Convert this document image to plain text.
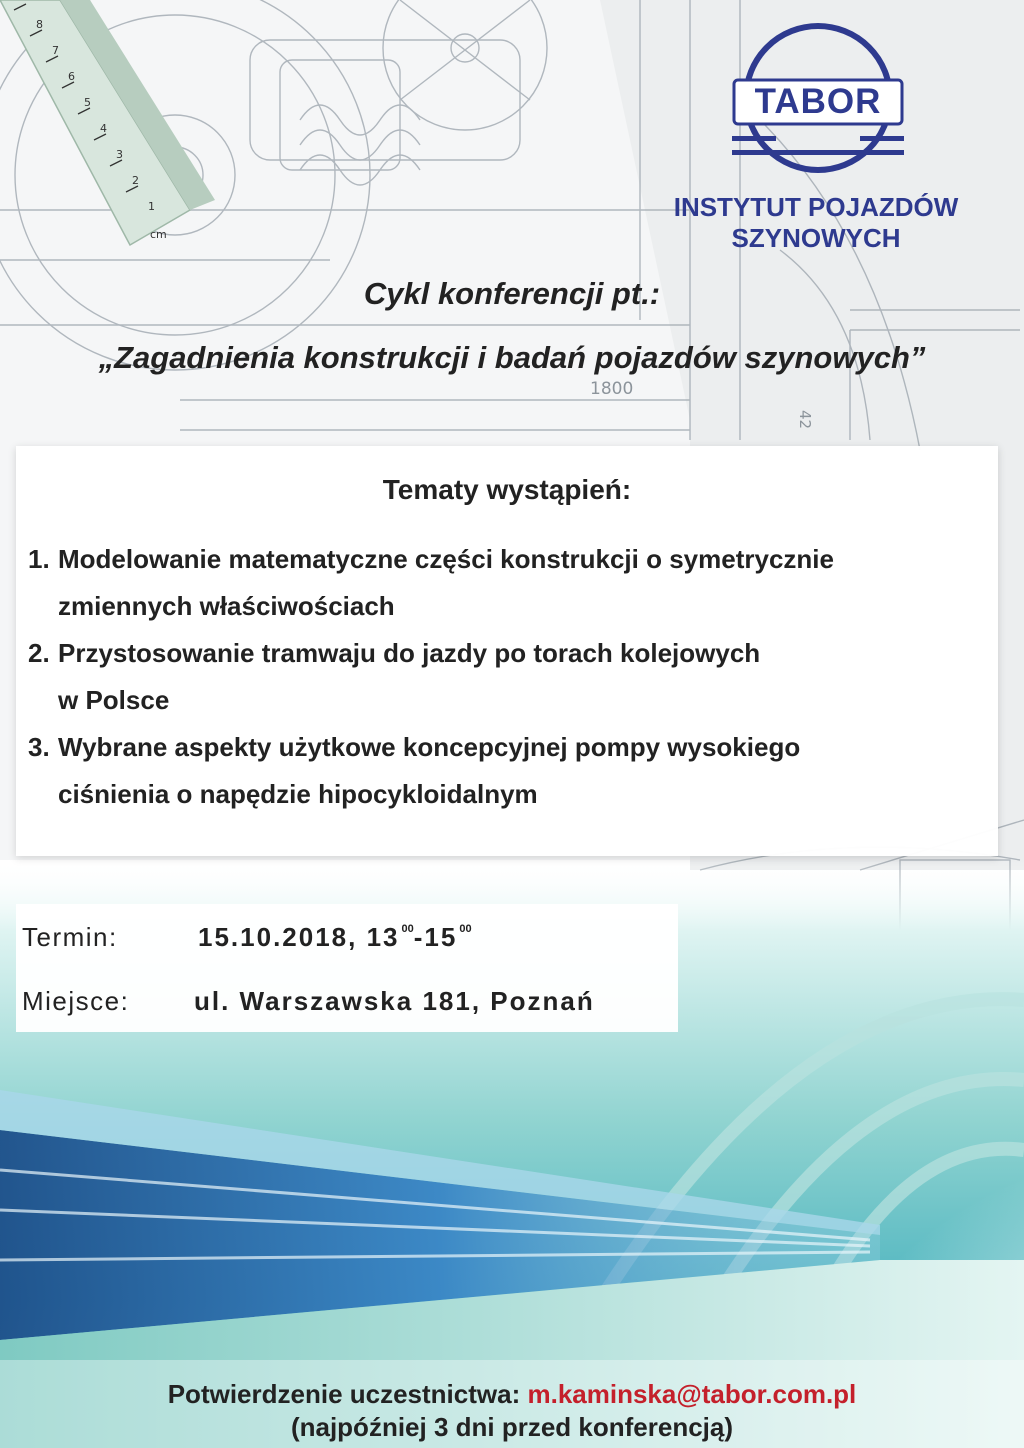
8
7
6
5
4
3
2
1
cm
1800
42
TABOR
INSTYTUT POJAZDÓW
SZYNOWYCH
Cykl konferencji pt.:
„Zagadnienia konstrukcji i badań pojazdów szynowych”
Tematy wystąpień:
1. Modelowanie matematyczne części konstrukcji o symetrycznie
zmiennych właściwościach
2. Przystosowanie tramwaju do jazdy po torach kolejowych
w Polsce
3. Wybrane aspekty użytkowe koncepcyjnej pompy wysokiego
ciśnienia o napędzie hipocykloidalnym
Termin:	15.10.2018, 13 $^{00}$-15 $^{00}$
Miejsce: ul. Warszawska 181, Poznań
Potwierdzenie uczestnictwa: m.kaminska@tabor.com.pl
(najpóźniej 3 dni przed konferencją)
